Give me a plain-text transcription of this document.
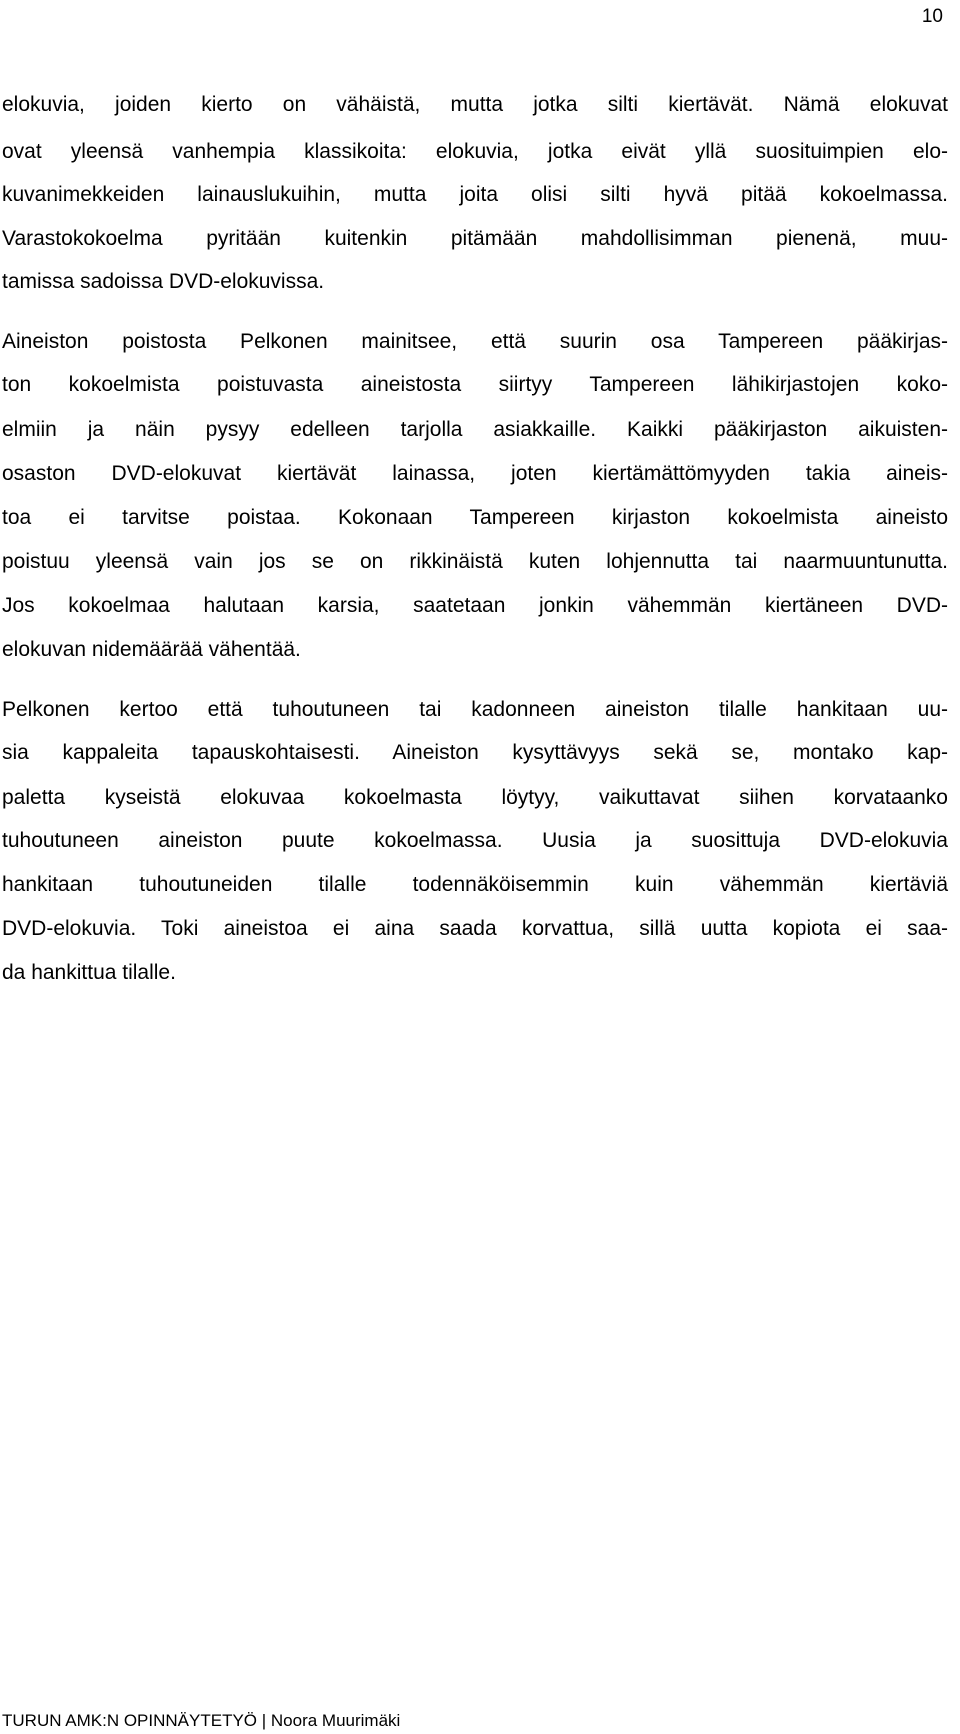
10
elokuvia, joiden kierto on vähäistä, mutta jotka silti kiertävät. Nämä elokuvat
ovat yleensä vanhempia klassikoita: elokuvia, jotka eivät yllä suosituimpien elo-
kuvanimekkeiden lainauslukuihin, mutta joita olisi silti hyvä pitää kokoelmassa.
Varastokokoelma pyritään kuitenkin pitämään mahdollisimman pienenä, muu-
tamissa sadoissa DVD-elokuvissa.
Aineiston poistosta Pelkonen mainitsee, että suurin osa Tampereen pääkirjas-
ton kokoelmista poistuvasta aineistosta siirtyy Tampereen lähikirjastojen koko-
elmiin ja näin pysyy edelleen tarjolla asiakkaille. Kaikki pääkirjaston aikuisten-
osaston DVD-elokuvat kiertävät lainassa, joten kiertämättömyyden takia aineis-
toa ei tarvitse poistaa. Kokonaan Tampereen kirjaston kokoelmista aineisto
poistuu yleensä vain jos se on rikkinäistä kuten lohjennutta tai naarmuuntunutta.
Jos kokoelmaa halutaan karsia, saatetaan jonkin vähemmän kiertäneen DVD-
elokuvan nidemäärää vähentää.
Pelkonen kertoo että tuhoutuneen tai kadonneen aineiston tilalle hankitaan uu-
sia kappaleita tapauskohtaisesti. Aineiston kysyttävyys sekä se, montako kap-
paletta kyseistä elokuvaa kokoelmasta löytyy, vaikuttavat siihen korvataanko
tuhoutuneen aineiston puute kokoelmassa. Uusia ja suosittuja DVD-elokuvia
hankitaan tuhoutuneiden tilalle todennäköisemmin kuin vähemmän kiertäviä
DVD-elokuvia. Toki aineistoa ei aina saada korvattua, sillä uutta kopiota ei saa-
da hankittua tilalle.
TURUN AMK:N OPINNÄYTETYÖ | Noora Muurimäki
